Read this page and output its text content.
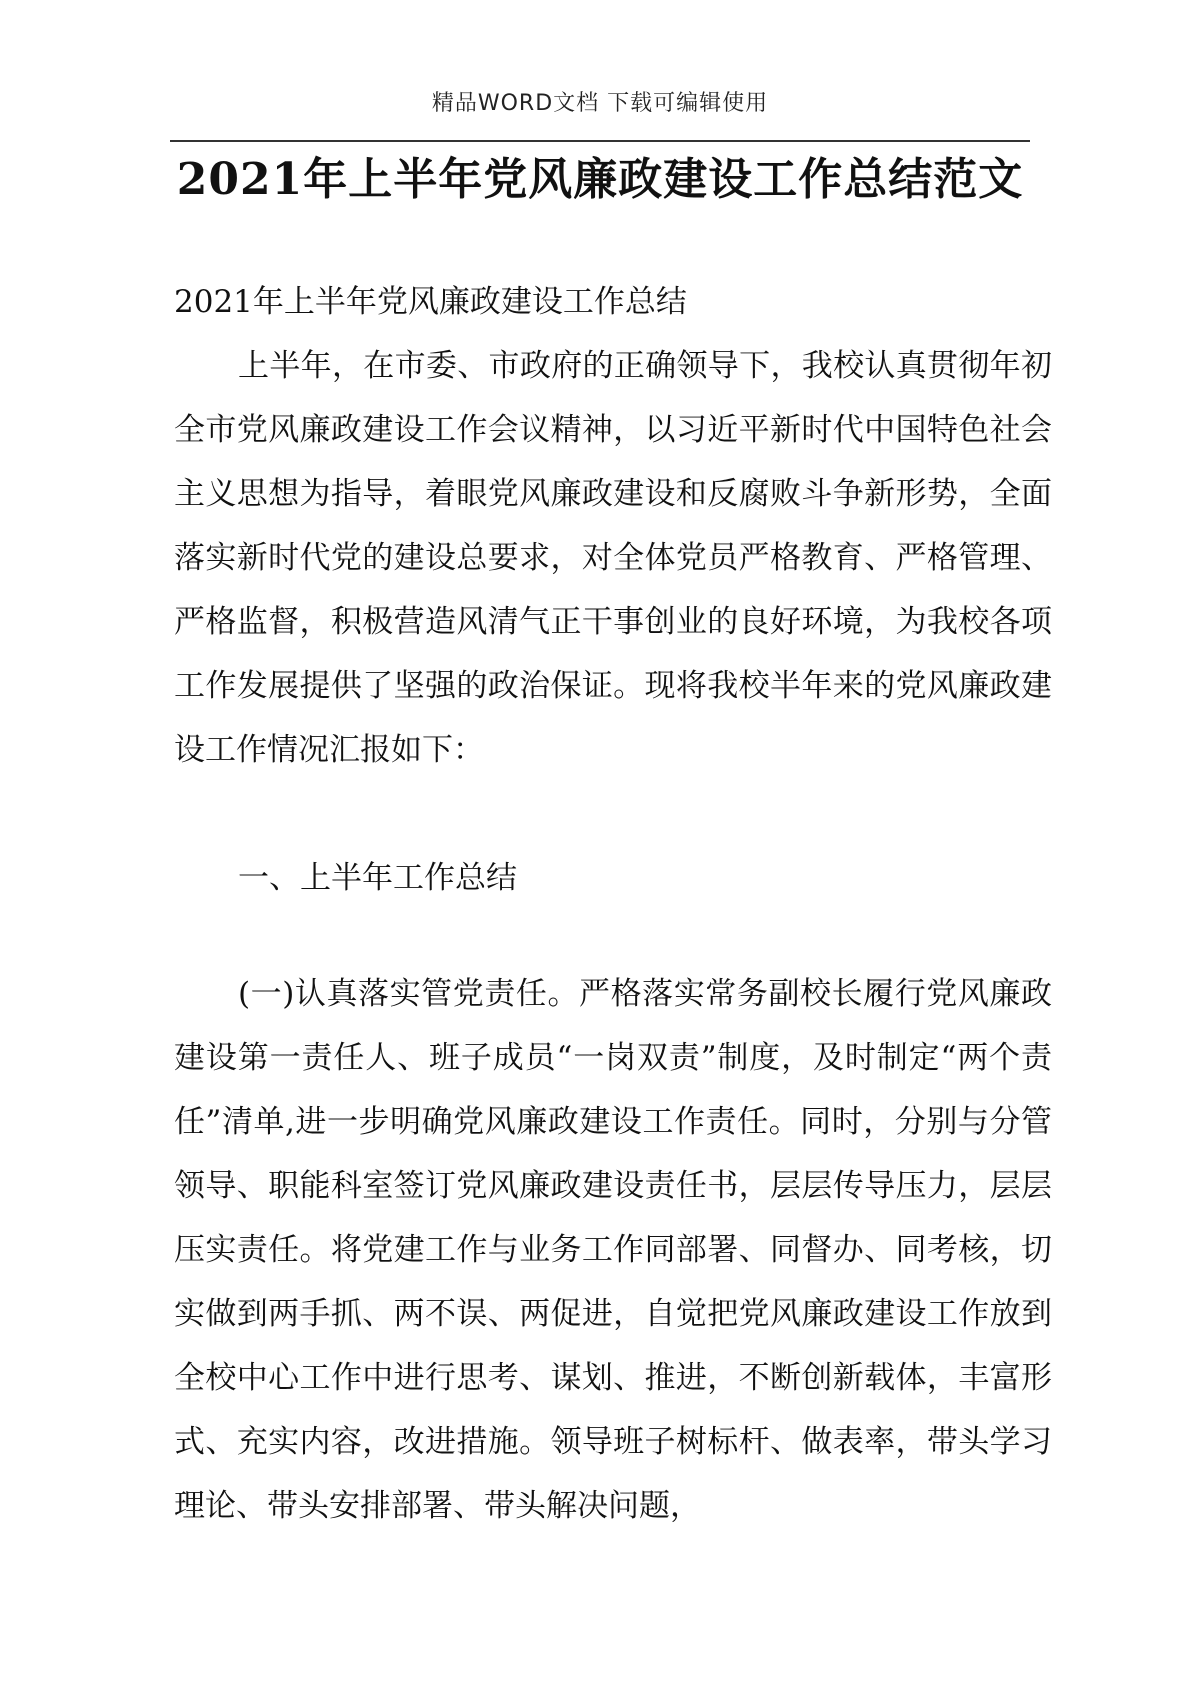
精品WORD文档 下载可编辑使用
2021年上半年党风廉政建设工作总结范文

2021年上半年党风廉政建设工作总结

上半年，在市委、市政府的正确领导下，我校认真贯彻年初全市党风廉政建设工作会议精神，以习近平新时代中国特色社会主义思想为指导，着眼党风廉政建设和反腐败斗争新形势，全面落实新时代党的建设总要求，对全体党员严格教育、严格管理、严格监督，积极营造风清气正干事创业的良好环境，为我校各项工作发展提供了坚强的政治保证。现将我校半年来的党风廉政建设工作情况汇报如下：

一、上半年工作总结

(一)认真落实管党责任。严格落实常务副校长履行党风廉政建设第一责任人、班子成员“一岗双责”制度，及时制定“两个责任”清单,进一步明确党风廉政建设工作责任。同时，分别与分管领导、职能科室签订党风廉政建设责任书，层层传导压力，层层压实责任。将党建工作与业务工作同部署、同督办、同考核，切实做到两手抓、两不误、两促进，自觉把党风廉政建设工作放到全校中心工作中进行思考、谋划、推进，不断创新载体，丰富形式、充实内容，改进措施。领导班子树标杆、做表率，带头学习理论、带头安排部署、带头解决问题，
